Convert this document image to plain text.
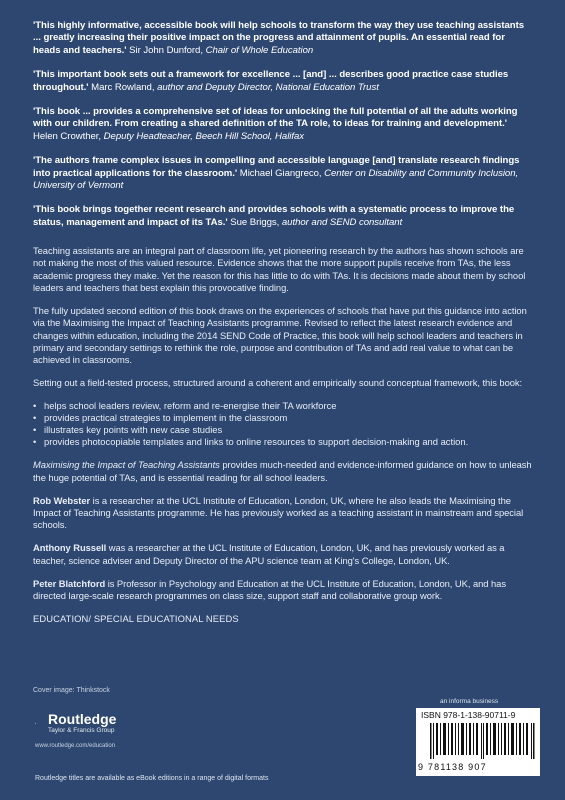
'This highly informative, accessible book will help schools to transform the way they use teaching assistants ... greatly increasing their positive impact on the progress and attainment of pupils. An essential read for heads and teachers.' Sir John Dunford, Chair of Whole Education

'This important book sets out a framework for excellence ... [and] ... describes good practice case studies throughout.' Marc Rowland, author and Deputy Director, National Education Trust

'This book ... provides a comprehensive set of ideas for unlocking the full potential of all the adults working with our children. From creating a shared definition of the TA role, to ideas for training and development.' Helen Crowther, Deputy Headteacher, Beech Hill School, Halifax

'The authors frame complex issues in compelling and accessible language [and] translate research findings into practical applications for the classroom.' Michael Giangreco, Center on Disability and Community Inclusion, University of Vermont

'This book brings together recent research and provides schools with a systematic process to improve the status, management and impact of its TAs.' Sue Briggs, author and SEND consultant

Teaching assistants are an integral part of classroom life, yet pioneering research by the authors has shown schools are not making the most of this valued resource. Evidence shows that the more support pupils receive from TAs, the less academic progress they make. Yet the reason for this has little to do with TAs. It is decisions made about them by school leaders and teachers that best explain this provocative finding.

The fully updated second edition of this book draws on the experiences of schools that have put this guidance into action via the Maximising the Impact of Teaching Assistants programme. Revised to reflect the latest research evidence and changes within education, including the 2014 SEND Code of Practice, this book will help school leaders and teachers in primary and secondary settings to rethink the role, purpose and contribution of TAs and add real value to what can be achieved in classrooms.

Setting out a field-tested process, structured around a coherent and empirically sound conceptual framework, this book:

• helps school leaders review, reform and re-energise their TA workforce
• provides practical strategies to implement in the classroom
• illustrates key points with new case studies
• provides photocopiable templates and links to online resources to support decision-making and action.

Maximising the Impact of Teaching Assistants provides much-needed and evidence-informed guidance on how to unleash the huge potential of TAs, and is essential reading for all school leaders.

Rob Webster is a researcher at the UCL Institute of Education, London, UK, where he also leads the Maximising the Impact of Teaching Assistants programme. He has previously worked as a teaching assistant in mainstream and special schools.

Anthony Russell was a researcher at the UCL Institute of Education, London, UK, and has previously worked as a teacher, science adviser and Deputy Director of the APU science team at King's College, London, UK.

Peter Blatchford is Professor in Psychology and Education at the UCL Institute of Education, London, UK, and has directed large-scale research programmes on class size, support staff and collaborative group work.

EDUCATION/ SPECIAL EDUCATIONAL NEEDS

Cover image: Thinkstock
Routledge
Taylor & Francis Group
www.routledge.com/education
Routledge titles are available as eBook editions in a range of digital formats
an informa business
ISBN 978-1-138-90711-9
9 781138 907
